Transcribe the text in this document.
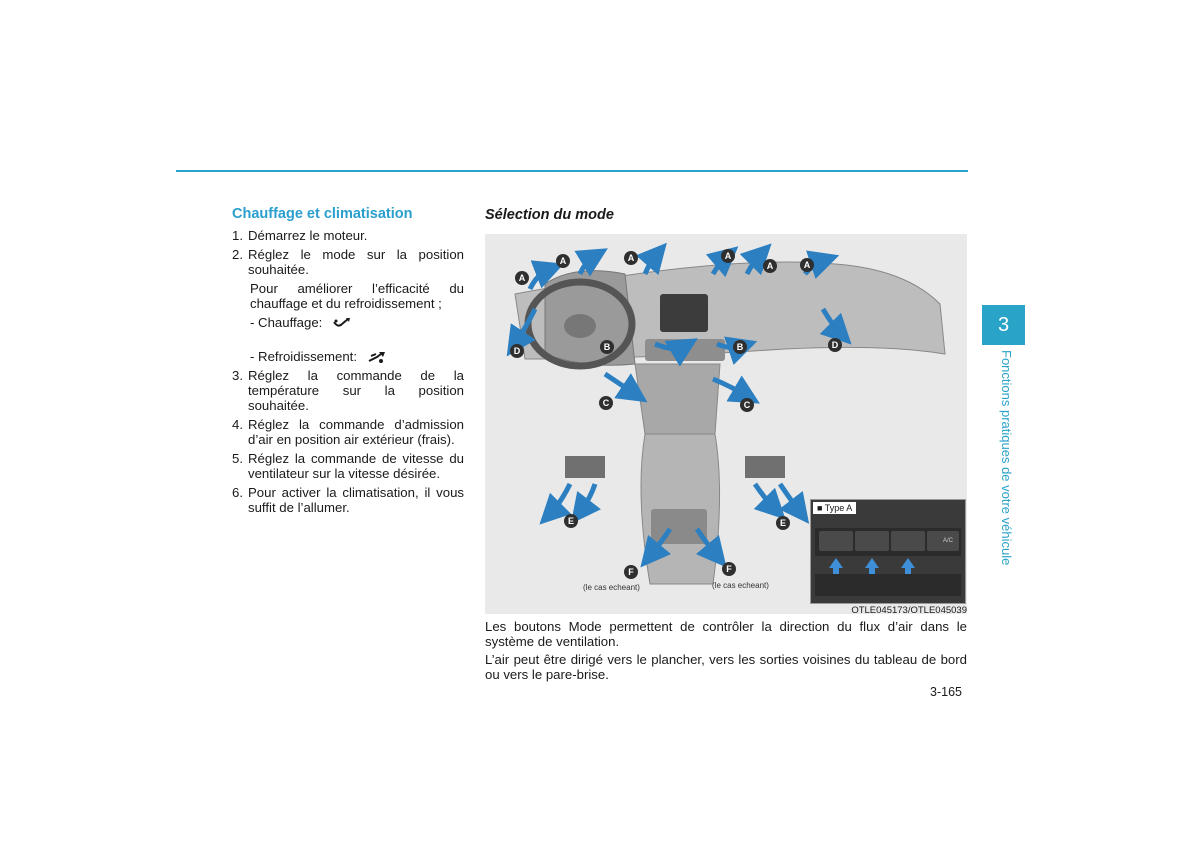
Chauffage et climatisation
1. Démarrez le moteur.
2. Réglez le mode sur la position souhaitée.
Pour améliorer l’efficacité du chauffage et du refroidissement ;
- Chauffage:
- Refroidissement:
3. Réglez la commande de la température sur la position souhaitée.
4. Réglez la commande d’admission d’air en position air extérieur (frais).
5. Réglez la commande de vitesse du ventilateur sur la vitesse désirée.
6. Pour activer la climatisation, il vous suffit de l’allumer.
Sélection du mode
A	A	A
A
A
A
D
D
B	B
C	C
E	E
F	F
(le cas echeant)	(le cas echeant)
■ Type A
A/C
OTLE045173/OTLE045039
Les boutons Mode permettent de contrôler la direction du flux d’air dans le système de ventilation.
L’air peut être dirigé vers le plancher, vers les sorties voisines du tableau de bord ou vers le pare-brise.
3-165
3
Fonctions pratiques de votre véhicule
